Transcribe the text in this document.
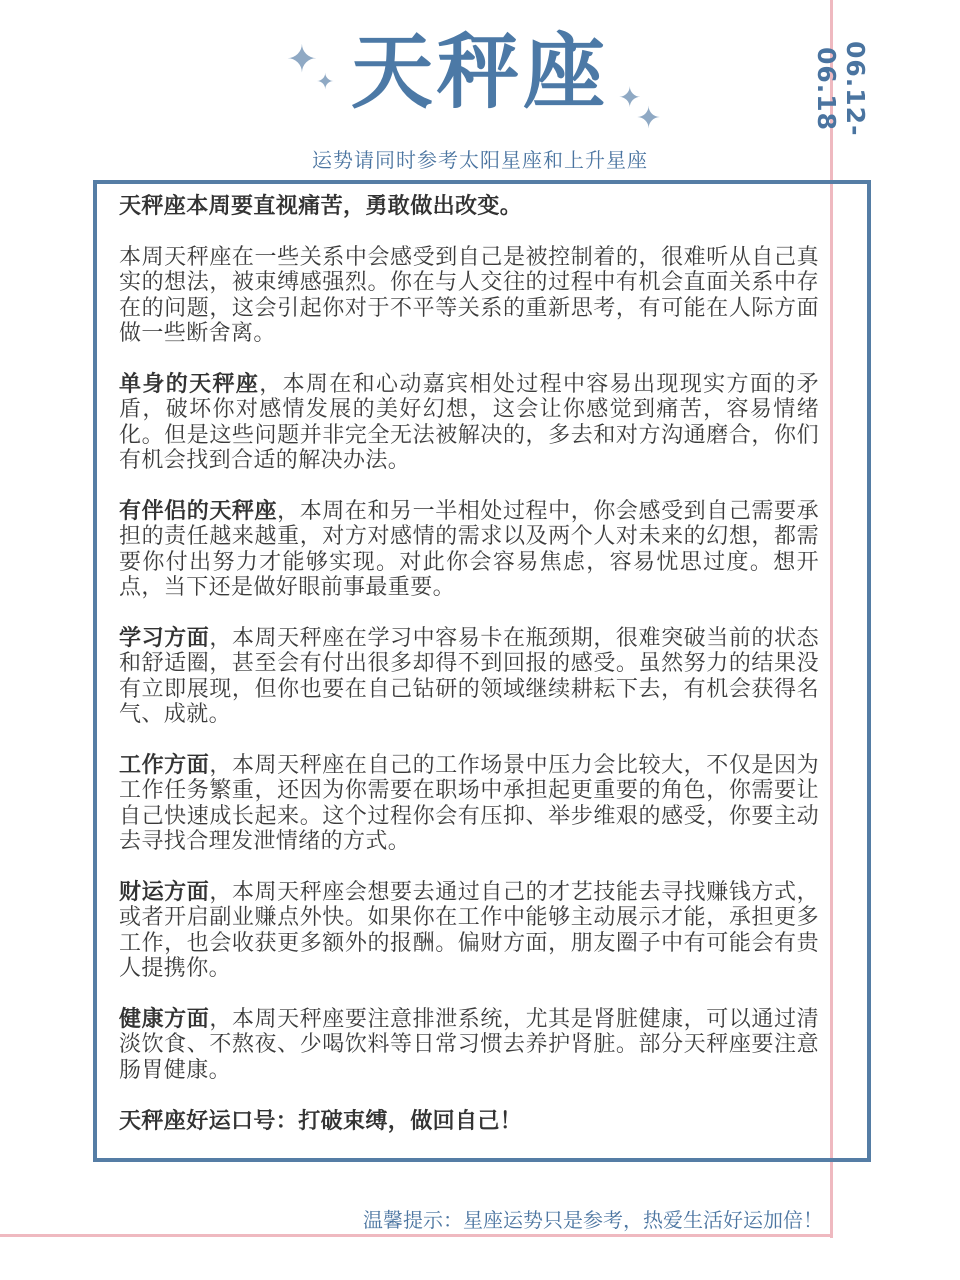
06.12-06.18
✦
✦	✦
✦
天秤座
运势请同时参考太阳星座和上升星座

天秤座本周要直视痛苦，勇敢做出改变。

本周天秤座在一些关系中会感受到自己是被控制着的，很难听从自己真实的想法，被束缚感强烈。你在与人交往的过程中有机会直面关系中存在的问题，这会引起你对于不平等关系的重新思考，有可能在人际方面做一些断舍离。

单身的天秤座，本周在和心动嘉宾相处过程中容易出现现实方面的矛盾，破坏你对感情发展的美好幻想，这会让你感觉到痛苦，容易情绪化。但是这些问题并非完全无法被解决的，多去和对方沟通磨合，你们有机会找到合适的解决办法。

有伴侣的天秤座，本周在和另一半相处过程中，你会感受到自己需要承担的责任越来越重，对方对感情的需求以及两个人对未来的幻想，都需要你付出努力才能够实现。对此你会容易焦虑，容易忧思过度。想开点，当下还是做好眼前事最重要。

学习方面，本周天秤座在学习中容易卡在瓶颈期，很难突破当前的状态和舒适圈，甚至会有付出很多却得不到回报的感受。虽然努力的结果没有立即展现，但你也要在自己钻研的领域继续耕耘下去，有机会获得名气、成就。

工作方面，本周天秤座在自己的工作场景中压力会比较大，不仅是因为工作任务繁重，还因为你需要在职场中承担起更重要的角色，你需要让自己快速成长起来。这个过程你会有压抑、举步维艰的感受，你要主动去寻找合理发泄情绪的方式。

财运方面，本周天秤座会想要去通过自己的才艺技能去寻找赚钱方式，或者开启副业赚点外快。如果你在工作中能够主动展示才能，承担更多工作，也会收获更多额外的报酬。偏财方面，朋友圈子中有可能会有贵人提携你。

健康方面，本周天秤座要注意排泄系统，尤其是肾脏健康，可以通过清淡饮食、不熬夜、少喝饮料等日常习惯去养护肾脏。部分天秤座要注意肠胃健康。

天秤座好运口号：打破束缚，做回自己！

温馨提示：星座运势只是参考，热爱生活好运加倍！
